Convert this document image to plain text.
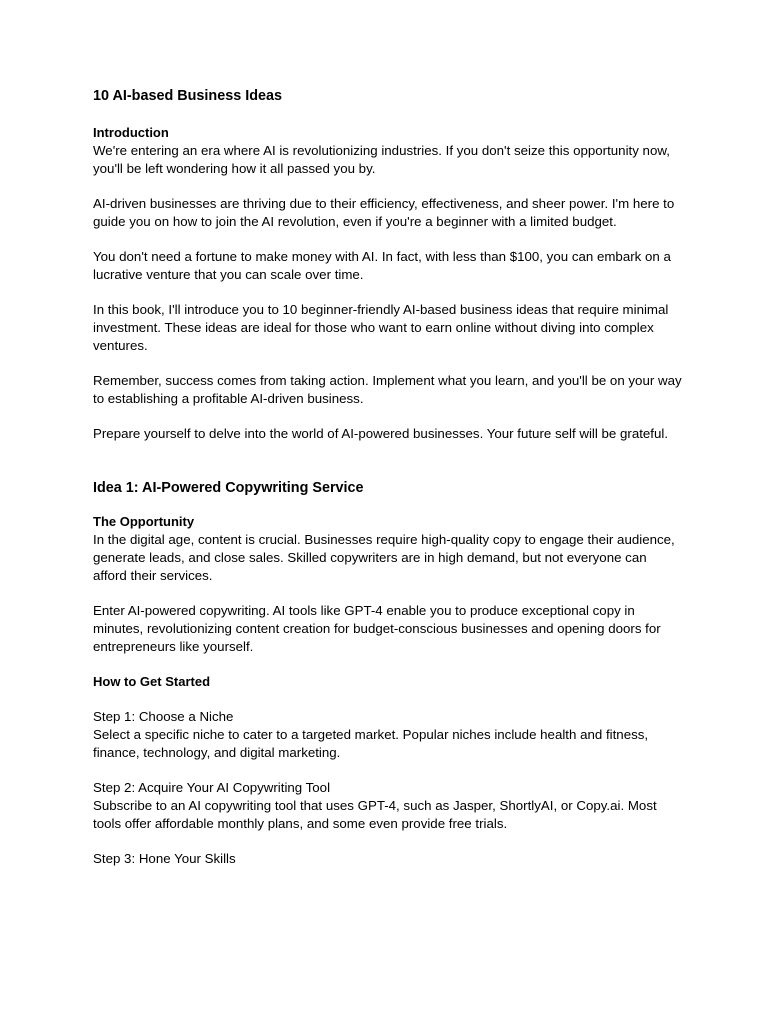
10 AI-based Business Ideas
Introduction

We're entering an era where AI is revolutionizing industries. If you don't seize this opportunity now, you'll be left wondering how it all passed you by.

AI-driven businesses are thriving due to their efficiency, effectiveness, and sheer power. I'm here to guide you on how to join the AI revolution, even if you're a beginner with a limited budget.

You don't need a fortune to make money with AI. In fact, with less than $100, you can embark on a lucrative venture that you can scale over time.

In this book, I'll introduce you to 10 beginner-friendly AI-based business ideas that require minimal investment. These ideas are ideal for those who want to earn online without diving into complex ventures.

Remember, success comes from taking action. Implement what you learn, and you'll be on your way to establishing a profitable AI-driven business.

Prepare yourself to delve into the world of AI-powered businesses. Your future self will be grateful.

Idea 1: AI-Powered Copywriting Service
The Opportunity

In the digital age, content is crucial. Businesses require high-quality copy to engage their audience, generate leads, and close sales. Skilled copywriters are in high demand, but not everyone can afford their services.

Enter AI-powered copywriting. AI tools like GPT-4 enable you to produce exceptional copy in minutes, revolutionizing content creation for budget-conscious businesses and opening doors for entrepreneurs like yourself.

How to Get Started

Step 1: Choose a Niche

Select a specific niche to cater to a targeted market. Popular niches include health and fitness, finance, technology, and digital marketing.

Step 2: Acquire Your AI Copywriting Tool

Subscribe to an AI copywriting tool that uses GPT-4, such as Jasper, ShortlyAI, or Copy.ai. Most tools offer affordable monthly plans, and some even provide free trials.

Step 3: Hone Your Skills
